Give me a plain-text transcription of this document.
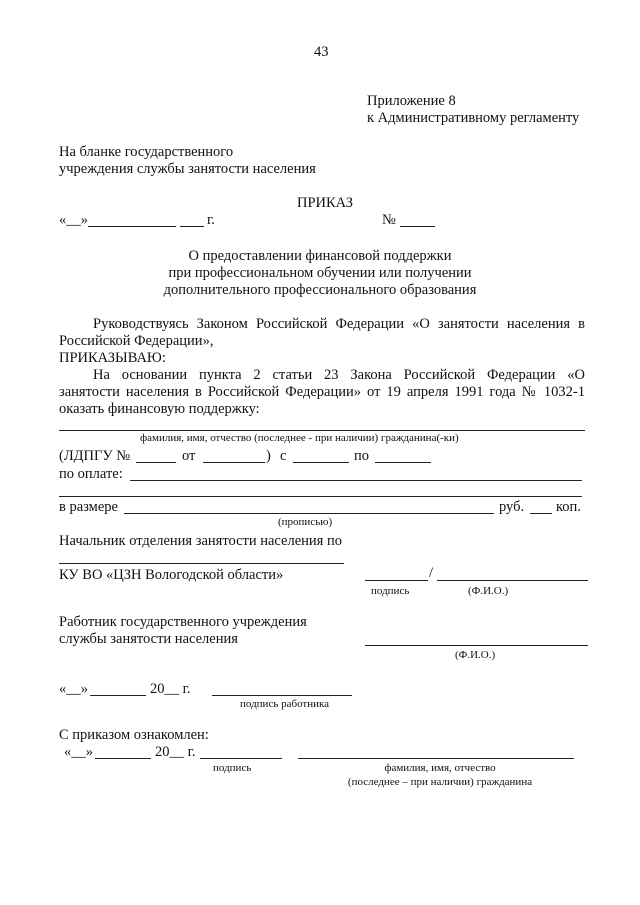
43
Приложение 8
к Административному регламенту
На бланке государственного
учреждения службы занятости населения
ПРИКАЗ
«__»	г.	№
О предоставлении финансовой поддержки
при профессиональном обучении или получении
дополнительного профессионального образования
Руководствуясь Законом Российской Федерации «О занятости населения в
Российской Федерации»,
ПРИКАЗЫВАЮ:
На основании пункта 2 статьи 23 Закона Российской Федерации «О
занятости населения в Российской Федерации» от 19 апреля 1991 года № 1032-1
оказать финансовую поддержку:
фамилия, имя, отчество (последнее - при наличии) гражданина(-ки)
(ЛДПГУ №	от	) с	по
по оплате:
в размере	руб. коп.
(прописью)
Начальник отделения занятости населения по
КУ ВО «ЦЗН Вологодской области»	/
подпись	(Ф.И.О.)
Работник государственного учреждения
службы занятости населения
(Ф.И.О.)
«__»	20__ г.
подпись работника
С приказом ознакомлен:
«__»	20__ г.
подпись	фамилия, имя, отчество
(последнее – при наличии) гражданина
